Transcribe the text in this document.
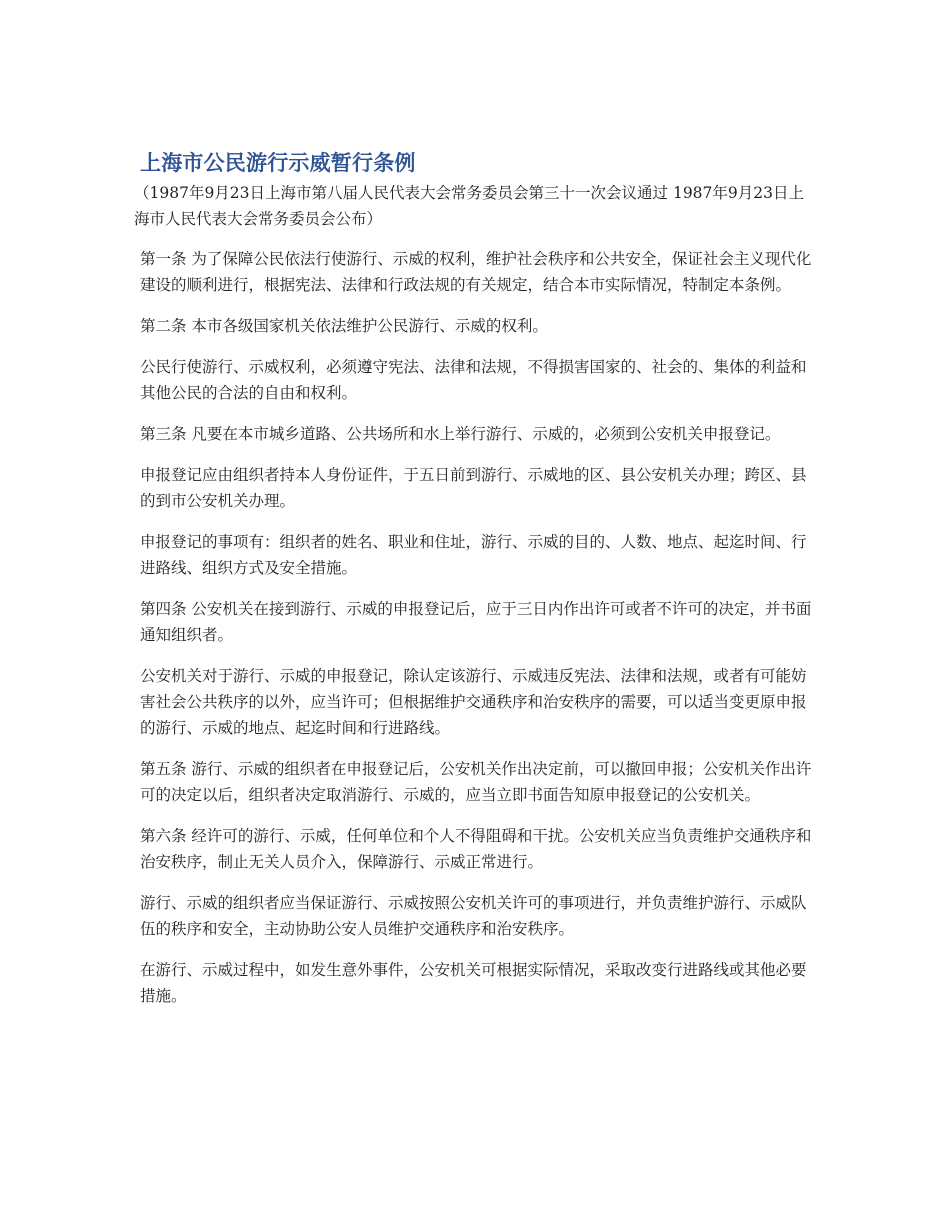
上海市公民游行示威暂行条例
（1987年9月23日上海市第八届人民代表大会常务委员会第三十一次会议通过 1987年9月23日上海市人民代表大会常务委员会公布）

第一条 为了保障公民依法行使游行、示威的权利，维护社会秩序和公共安全，保证社会主义现代化建设的顺利进行，根据宪法、法律和行政法规的有关规定，结合本市实际情况，特制定本条例。

第二条 本市各级国家机关依法维护公民游行、示威的权利。

公民行使游行、示威权利，必须遵守宪法、法律和法规，不得损害国家的、社会的、集体的利益和其他公民的合法的自由和权利。

第三条 凡要在本市城乡道路、公共场所和水上举行游行、示威的，必须到公安机关申报登记。

申报登记应由组织者持本人身份证件，于五日前到游行、示威地的区、县公安机关办理；跨区、县的到市公安机关办理。

申报登记的事项有：组织者的姓名、职业和住址，游行、示威的目的、人数、地点、起迄时间、行进路线、组织方式及安全措施。

第四条 公安机关在接到游行、示威的申报登记后，应于三日内作出许可或者不许可的决定，并书面通知组织者。

公安机关对于游行、示威的申报登记，除认定该游行、示威违反宪法、法律和法规，或者有可能妨害社会公共秩序的以外，应当许可；但根据维护交通秩序和治安秩序的需要，可以适当变更原申报的游行、示威的地点、起迄时间和行进路线。

第五条 游行、示威的组织者在申报登记后，公安机关作出决定前，可以撤回申报；公安机关作出许可的决定以后，组织者决定取消游行、示威的，应当立即书面告知原申报登记的公安机关。

第六条 经许可的游行、示威，任何单位和个人不得阻碍和干扰。公安机关应当负责维护交通秩序和治安秩序，制止无关人员介入，保障游行、示威正常进行。

游行、示威的组织者应当保证游行、示威按照公安机关许可的事项进行，并负责维护游行、示威队伍的秩序和安全，主动协助公安人员维护交通秩序和治安秩序。

在游行、示威过程中，如发生意外事件，公安机关可根据实际情况，采取改变行进路线或其他必要措施。
